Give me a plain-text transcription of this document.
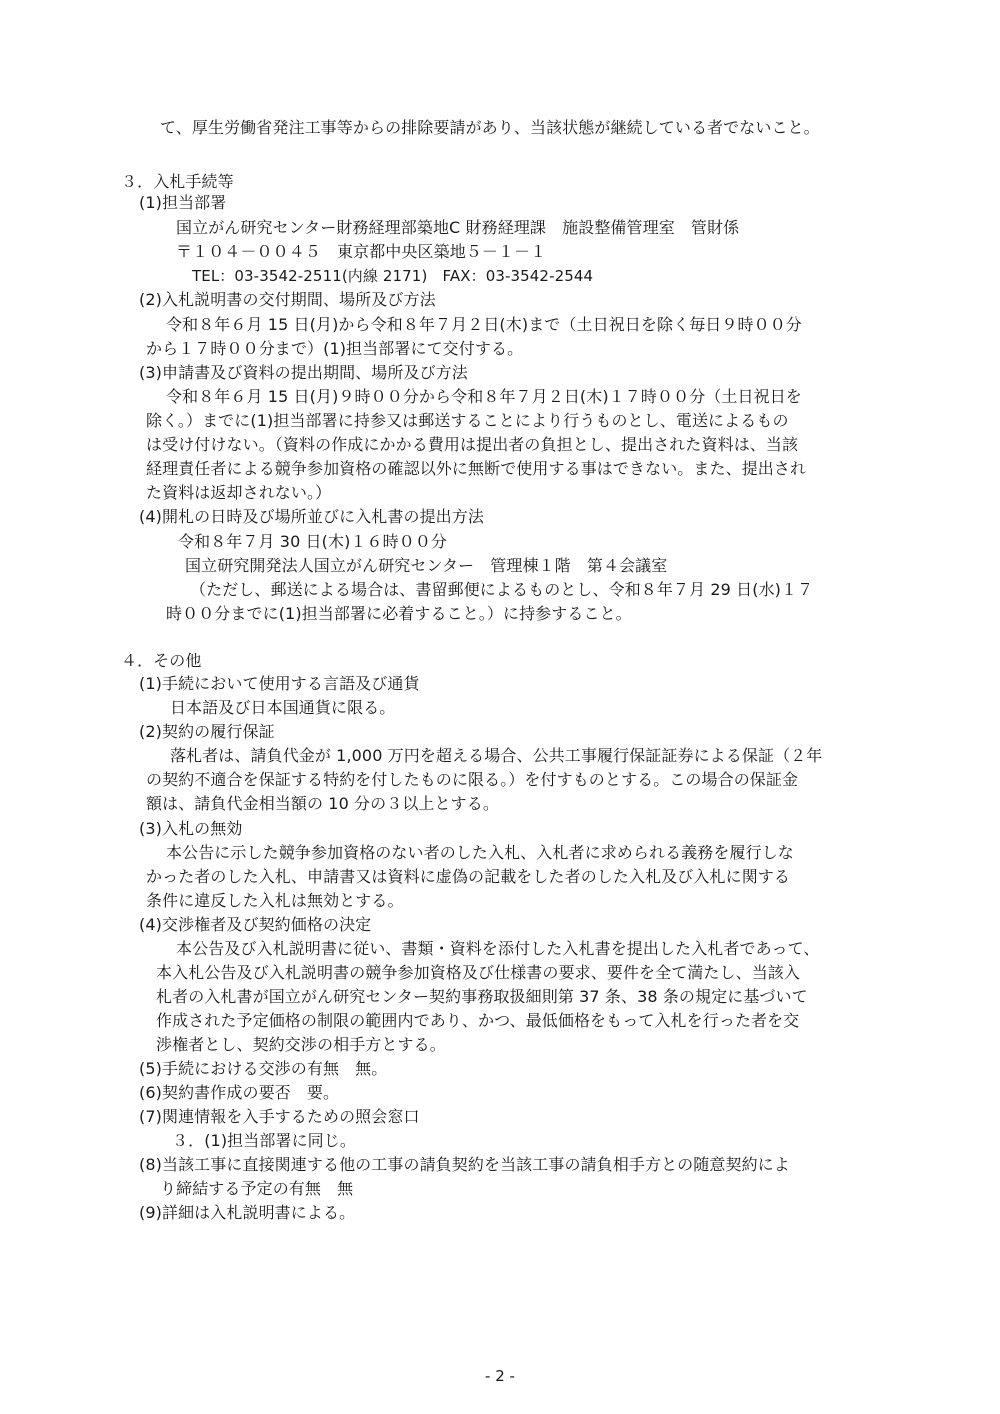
て、厚生労働省発注工事等からの排除要請があり、当該状態が継続している者でないこと。
３．入札手続等
(1)担当部署
国立がん研究センター財務経理部築地C 財務経理課　施設整備管理室　管財係
〒１０４－００４５　東京都中央区築地５－１－１
TEL：03-3542-2511(内線 2171)　FAX：03-3542-2544
(2)入札説明書の交付期間、場所及び方法
令和８年６月 15 日(月)から令和８年７月２日(木)まで（土日祝日を除く毎日９時００分
から１７時００分まで）(1)担当部署にて交付する。
(3)申請書及び資料の提出期間、場所及び方法
令和８年６月 15 日(月)９時００分から令和８年７月２日(木)１７時００分（土日祝日を
除く。）までに(1)担当部署に持参又は郵送することにより行うものとし、電送によるもの
は受け付けない。（資料の作成にかかる費用は提出者の負担とし、提出された資料は、当該
経理責任者による競争参加資格の確認以外に無断で使用する事はできない。また、提出され
た資料は返却されない。）
(4)開札の日時及び場所並びに入札書の提出方法
令和８年７月 30 日(木)１６時００分
国立研究開発法人国立がん研究センター　管理棟１階　第４会議室
（ただし、郵送による場合は、書留郵便によるものとし、令和８年７月 29 日(水)１７
時００分までに(1)担当部署に必着すること。）に持参すること。
４．その他
(1)手続において使用する言語及び通貨
日本語及び日本国通貨に限る。
(2)契約の履行保証
落札者は、請負代金が 1,000 万円を超える場合、公共工事履行保証証券による保証（２年
の契約不適合を保証する特約を付したものに限る。）を付すものとする。この場合の保証金
額は、請負代金相当額の 10 分の３以上とする。
(3)入札の無効
本公告に示した競争参加資格のない者のした入札、入札者に求められる義務を履行しな
かった者のした入札、申請書又は資料に虚偽の記載をした者のした入札及び入札に関する
条件に違反した入札は無効とする。
(4)交渉権者及び契約価格の決定
本公告及び入札説明書に従い、書類・資料を添付した入札書を提出した入札者であって、
本入札公告及び入札説明書の競争参加資格及び仕様書の要求、要件を全て満たし、当該入
札者の入札書が国立がん研究センター契約事務取扱細則第 37 条、38 条の規定に基づいて
作成された予定価格の制限の範囲内であり、かつ、最低価格をもって入札を行った者を交
渉権者とし、契約交渉の相手方とする。
(5)手続における交渉の有無　無。
(6)契約書作成の要否　要。
(7)関連情報を入手するための照会窓口
３．(1)担当部署に同じ。
(8)当該工事に直接関連する他の工事の請負契約を当該工事の請負相手方との随意契約によ
り締結する予定の有無　無
(9)詳細は入札説明書による。
- 2 -
